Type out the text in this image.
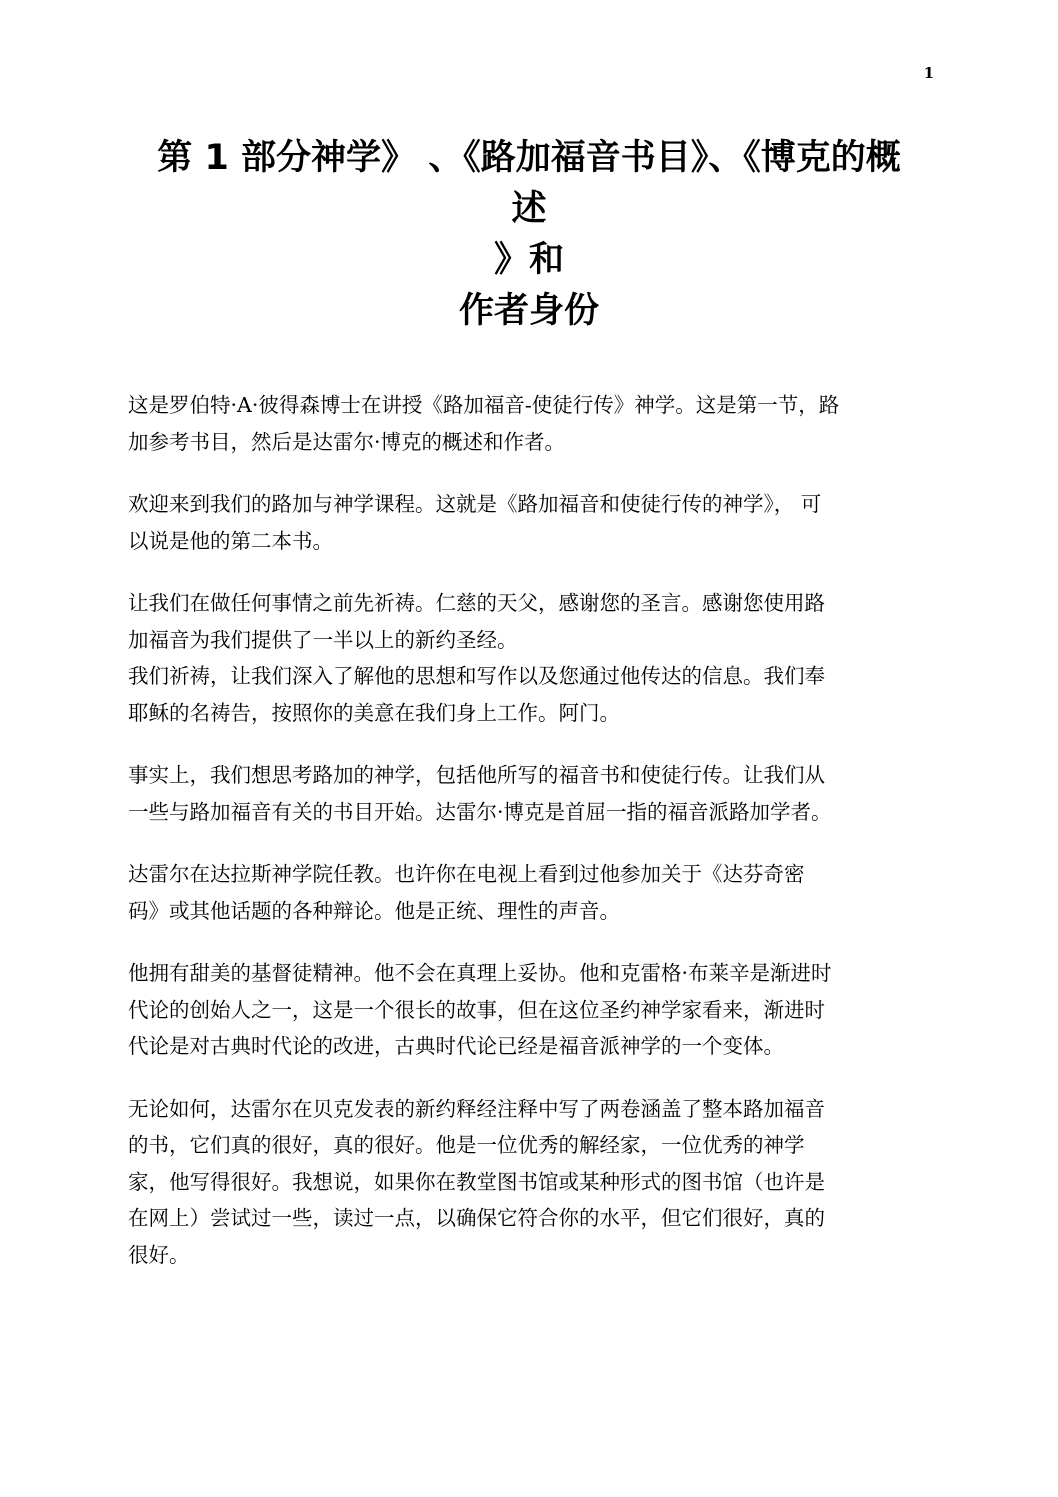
1
第 1 部分神学》 、《路加福音书目》、《博克的概
述
》和
作者身份

这是罗伯特·A·彼得森博士在讲授《路加福音-使徒行传》神学。这是第一节，路
加参考书目，然后是达雷尔·博克的概述和作者。

欢迎来到我们的路加与神学课程。这就是《路加福音和使徒行传的神学》， 可
以说是他的第二本书。

让我们在做任何事情之前先祈祷。仁慈的天父，感谢您的圣言。感谢您使用路
加福音为我们提供了一半以上的新约圣经。

我们祈祷，让我们深入了解他的思想和写作以及您通过他传达的信息。我们奉
耶稣的名祷告，按照你的美意在我们身上工作。阿门。

事实上，我们想思考路加的神学，包括他所写的福音书和使徒行传。让我们从
一些与路加福音有关的书目开始。达雷尔·博克是首屈一指的福音派路加学者。

达雷尔在达拉斯神学院任教。也许你在电视上看到过他参加关于《达芬奇密
码》或其他话题的各种辩论。他是正统、理性的声音。

他拥有甜美的基督徒精神。他不会在真理上妥协。他和克雷格·布莱辛是渐进时
代论的创始人之一，这是一个很长的故事，但在这位圣约神学家看来，渐进时
代论是对古典时代论的改进，古典时代论已经是福音派神学的一个变体。

无论如何，达雷尔在贝克发表的新约释经注释中写了两卷涵盖了整本路加福音
的书，它们真的很好，真的很好。他是一位优秀的解经家，一位优秀的神学
家，他写得很好。我想说，如果你在教堂图书馆或某种形式的图书馆（也许是
在网上）尝试过一些，读过一点，以确保它符合你的水平，但它们很好，真的
很好。
